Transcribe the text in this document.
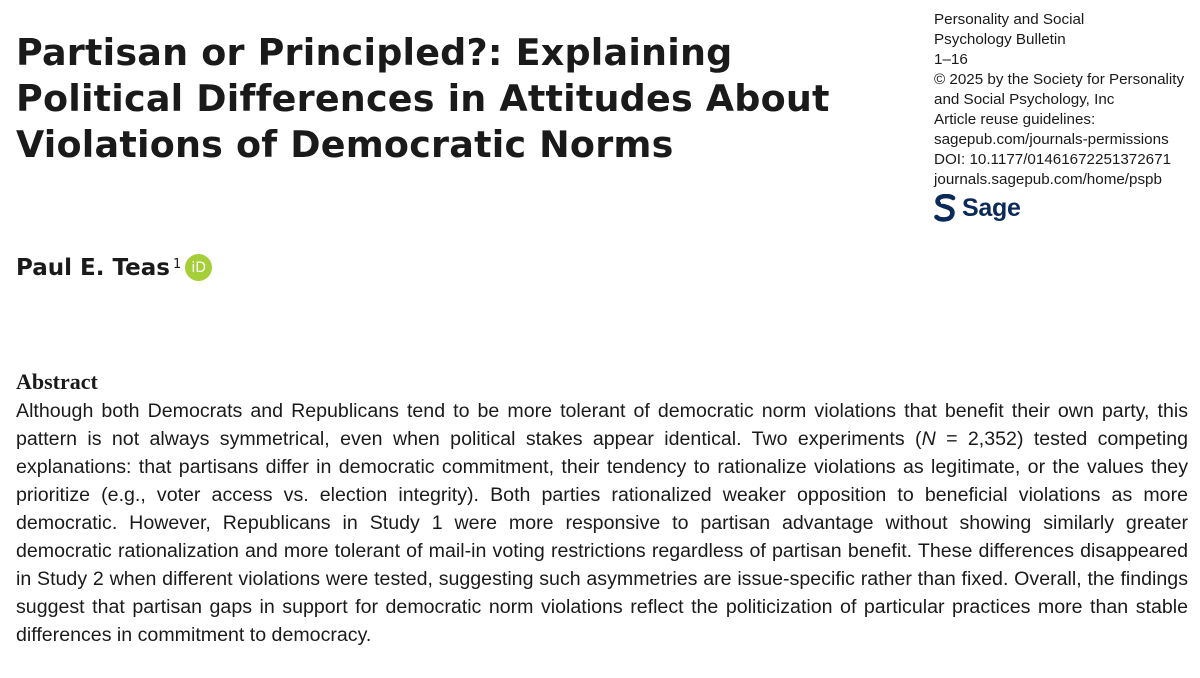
Partisan or Principled?: Explaining Political Differences in Attitudes About Violations of Democratic Norms
Personality and Social
Psychology Bulletin
1–16
© 2025 by the Society for Personality
and Social Psychology, Inc
Article reuse guidelines:
sagepub.com/journals-permissions
DOI: 10.1177/01461672251372671
journals.sagepub.com/home/pspb
Sage
Paul E. Teas 1 iD
Abstract

Although both Democrats and Republicans tend to be more tolerant of democratic norm violations that benefit their own party, this pattern is not always symmetrical, even when political stakes appear identical. Two experiments (N = 2,352) tested competing explanations: that partisans differ in democratic commitment, their tendency to rationalize violations as legitimate, or the values they prioritize (e.g., voter access vs. election integrity). Both parties rationalized weaker opposition to beneficial violations as more democratic. However, Republicans in Study 1 were more responsive to partisan advantage without showing similarly greater democratic rationalization and more tolerant of mail-in voting restrictions regardless of partisan benefit. These differences disappeared in Study 2 when different violations were tested, suggesting such asymmetries are issue-specific rather than fixed. Overall, the findings suggest that partisan gaps in support for democratic norm violations reflect the politicization of particular practices more than stable differences in commitment to democracy.
